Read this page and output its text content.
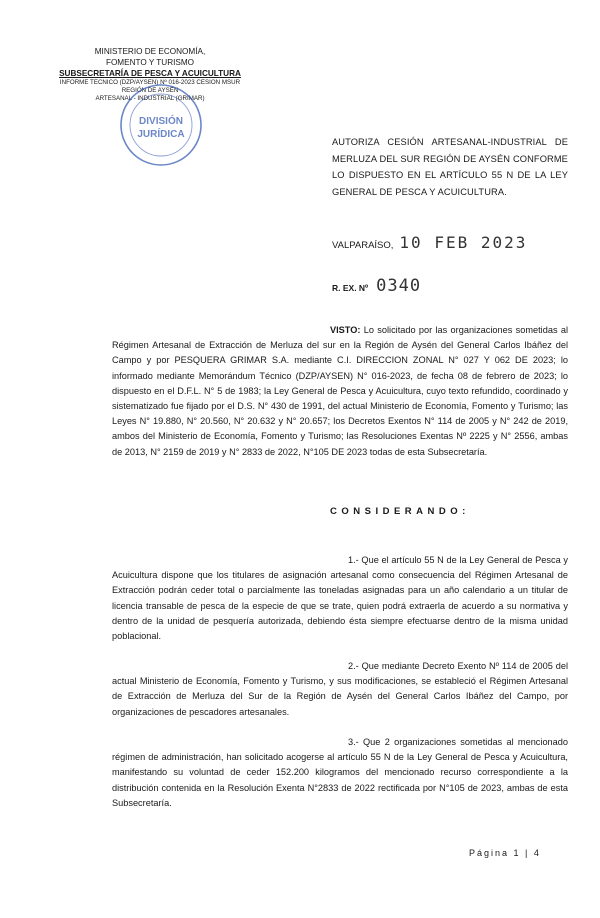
MINISTERIO DE ECONOMÍA,
FOMENTO Y TURISMO
SUBSECRETARÍA DE PESCA Y ACUICULTURA
INFORME TECNICO (DZP/AYSEN) Nº 016-2023 CESION MSUR
REGIÓN DE AYSÉN
ARTESANAL - INDUSTRIAL (GRIMAR)
DIVISIÓN
JURÍDICA
AUTORIZA CESIÓN ARTESANAL-INDUSTRIAL DE MERLUZA DEL SUR REGIÓN DE AYSÉN CONFORME LO DISPUESTO EN EL ARTÍCULO 55 N DE LA LEY GENERAL DE PESCA Y ACUICULTURA.
VALPARAÍSO, 10 FEB 2023
R. EX. Nº 0340
VISTO: Lo solicitado por las organizaciones sometidas al Régimen Artesanal de Extracción de Merluza del sur en la Región de Aysén del General Carlos Ibáñez del Campo y por PESQUERA GRIMAR S.A. mediante C.I. DIRECCION ZONAL N° 027 Y 062 DE 2023; lo informado mediante Memorándum Técnico (DZP/AYSEN) N° 016-2023, de fecha 08 de febrero de 2023; lo dispuesto en el D.F.L. N° 5 de 1983; la Ley General de Pesca y Acuicultura, cuyo texto refundido, coordinado y sistematizado fue fijado por el D.S. N° 430 de 1991, del actual Ministerio de Economía, Fomento y Turismo; las Leyes N° 19.880, N° 20.560, N° 20.632 y N° 20.657; los Decretos Exentos N° 114 de 2005 y N° 242 de 2019, ambos del Ministerio de Economía, Fomento y Turismo; las Resoluciones Exentas Nº 2225 y N° 2556, ambas de 2013, N° 2159 de 2019 y N° 2833 de 2022, N°105 DE 2023 todas de esta Subsecretaría.
CONSIDERANDO:
1.- Que el artículo 55 N de la Ley General de Pesca y Acuicultura dispone que los titulares de asignación artesanal como consecuencia del Régimen Artesanal de Extracción podrán ceder total o parcialmente las toneladas asignadas para un año calendario a un titular de licencia transable de pesca de la especie de que se trate, quien podrá extraerla de acuerdo a su normativa y dentro de la unidad de pesquería autorizada, debiendo ésta siempre efectuarse dentro de la misma unidad poblacional.
2.- Que mediante Decreto Exento Nº 114 de 2005 del actual Ministerio de Economía, Fomento y Turismo, y sus modificaciones, se estableció el Régimen Artesanal de Extracción de Merluza del Sur de la Región de Aysén del General Carlos Ibáñez del Campo, por organizaciones de pescadores artesanales.
3.- Que 2 organizaciones sometidas al mencionado régimen de administración, han solicitado acogerse al artículo 55 N de la Ley General de Pesca y Acuicultura, manifestando su voluntad de ceder 152.200 kilogramos del mencionado recurso correspondiente a la distribución contenida en la Resolución Exenta N°2833 de 2022 rectificada por N°105 de 2023, ambas de esta Subsecretaría.
Página 1 | 4
